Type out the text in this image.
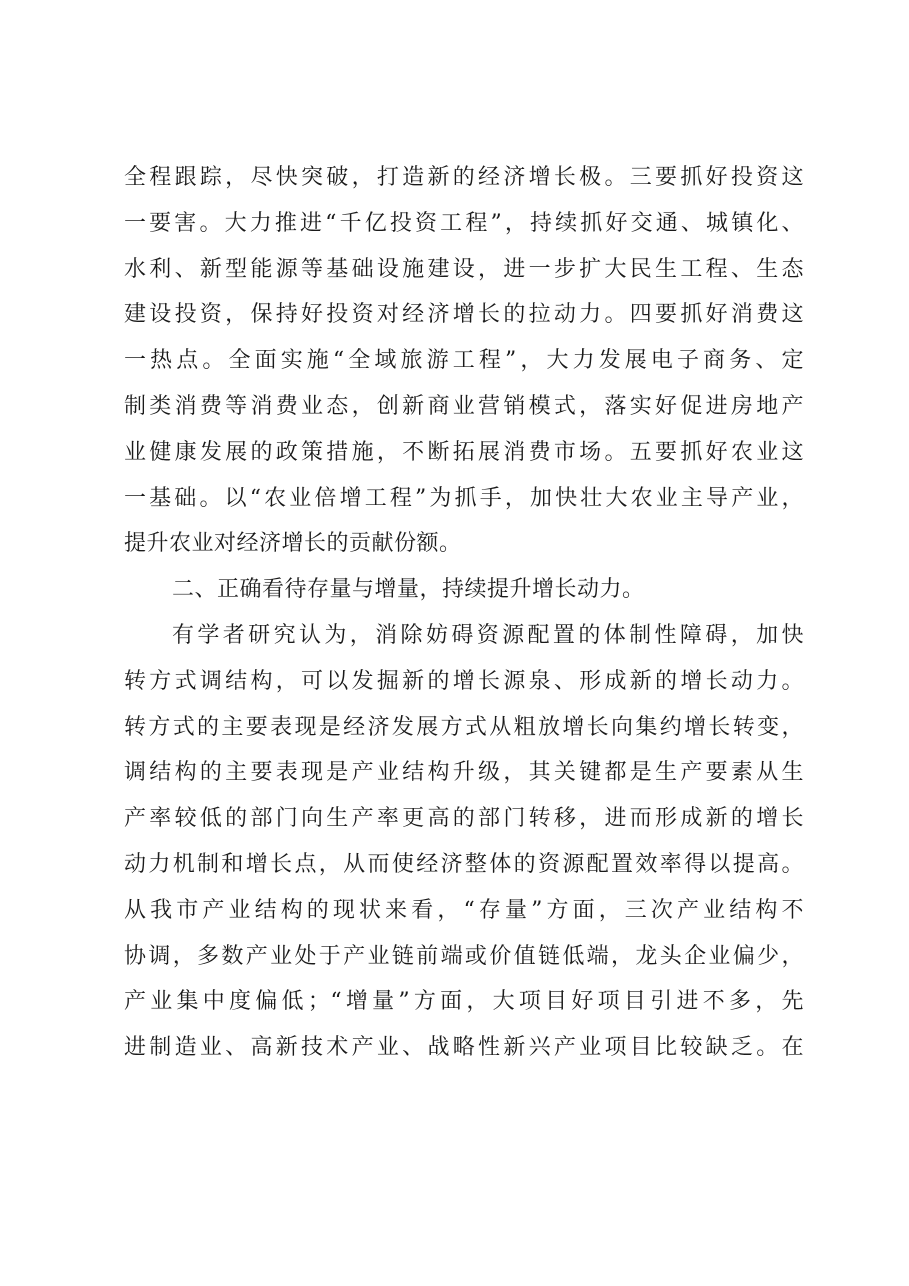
全程跟踪，尽快突破，打造新的经济增长极。三要抓好投资这
一要害。大力推进“千亿投资工程”，持续抓好交通、城镇化、
水利、新型能源等基础设施建设，进一步扩大民生工程、生态
建设投资，保持好投资对经济增长的拉动力。四要抓好消费这
一热点。全面实施“全域旅游工程”，大力发展电子商务、定
制类消费等消费业态，创新商业营销模式，落实好促进房地产
业健康发展的政策措施，不断拓展消费市场。五要抓好农业这
一基础。以“农业倍增工程”为抓手，加快壮大农业主导产业，
提升农业对经济增长的贡献份额。
二、正确看待存量与增量，持续提升增长动力。
有学者研究认为，消除妨碍资源配置的体制性障碍，加快
转方式调结构，可以发掘新的增长源泉、形成新的增长动力。
转方式的主要表现是经济发展方式从粗放增长向集约增长转变，
调结构的主要表现是产业结构升级，其关键都是生产要素从生
产率较低的部门向生产率更高的部门转移，进而形成新的增长
动力机制和增长点，从而使经济整体的资源配置效率得以提高。
从我市产业结构的现状来看，“存量”方面，三次产业结构不
协调，多数产业处于产业链前端或价值链低端，龙头企业偏少，
产业集中度偏低；“增量”方面，大项目好项目引进不多，先
进制造业、高新技术产业、战略性新兴产业项目比较缺乏。在
